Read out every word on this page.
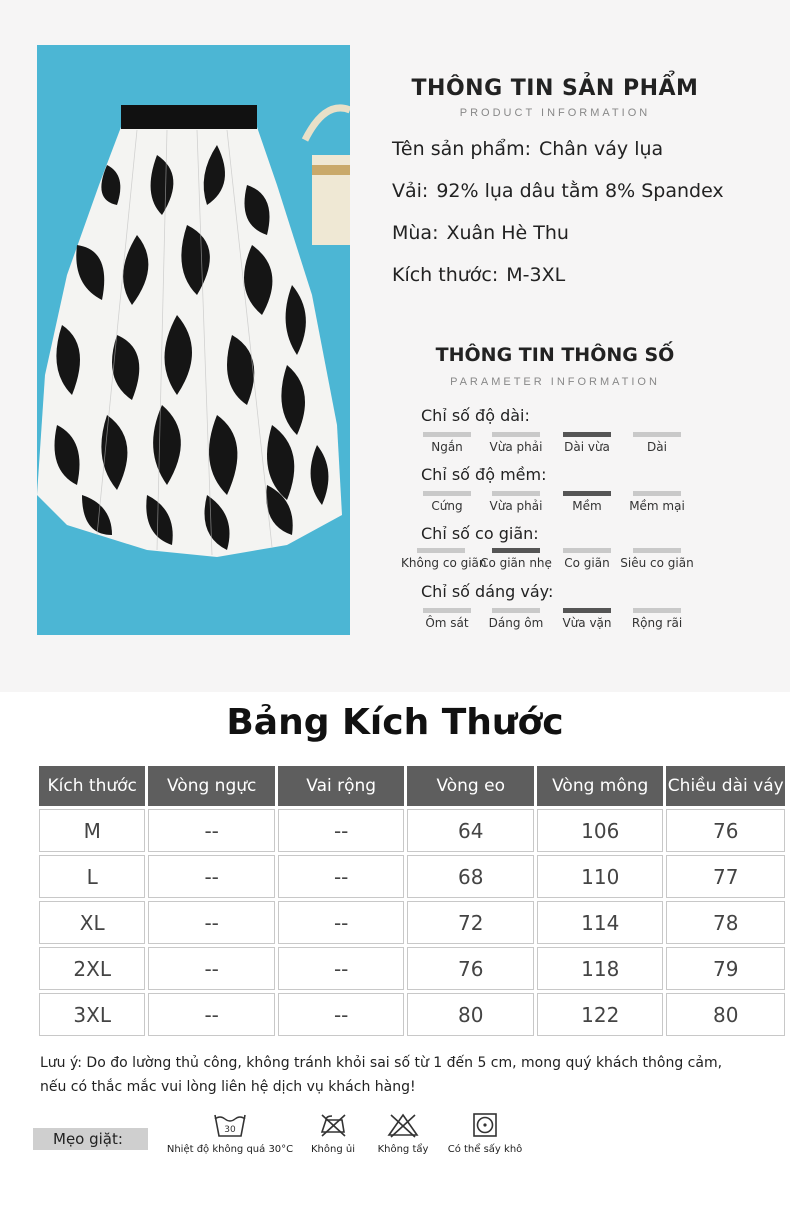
THÔNG TIN SẢN PHẨM
PRODUCT INFORMATION
Tên sản phẩm: Chân váy lụa
Vải: 92% lụa dâu tằm 8% Spandex
Mùa: Xuân Hè Thu
Kích thước: M-3XL
THÔNG TIN THÔNG SỐ
PARAMETER INFORMATION
Chỉ số độ dài:
Ngắn	Vừa phải	Dài vừa	Dài
Chỉ số độ mềm:
Cứng	Vừa phải	Mềm	Mềm mại
Chỉ số co giãn:
Không co giãn
Co giãn nhẹ	Co giãn Siêu co giãn
Chỉ số dáng váy:
Ôm sát	Dáng ôm	Vừa vặn	Rộng rãi
Bảng Kích Thước
Kích thước	Vòng ngực	Vai rộng	Vòng eo	Vòng mông	Chiều dài váy
M	--	--	64	106	76
L	--	--	68	110	77
XL	--	--	72	114	78
2XL	--	--	76	118	79
3XL	--	--	80	122	80
Lưu ý: Do đo lường thủ công, không tránh khỏi sai số từ 1 đến 5 cm, mong quý khách thông cảm,
nếu có thắc mắc vui lòng liên hệ dịch vụ khách hàng!
Mẹo giặt:	30
Nhiệt độ không quá 30°C	Không ủi	Không tẩy	Có thể sấy khô
